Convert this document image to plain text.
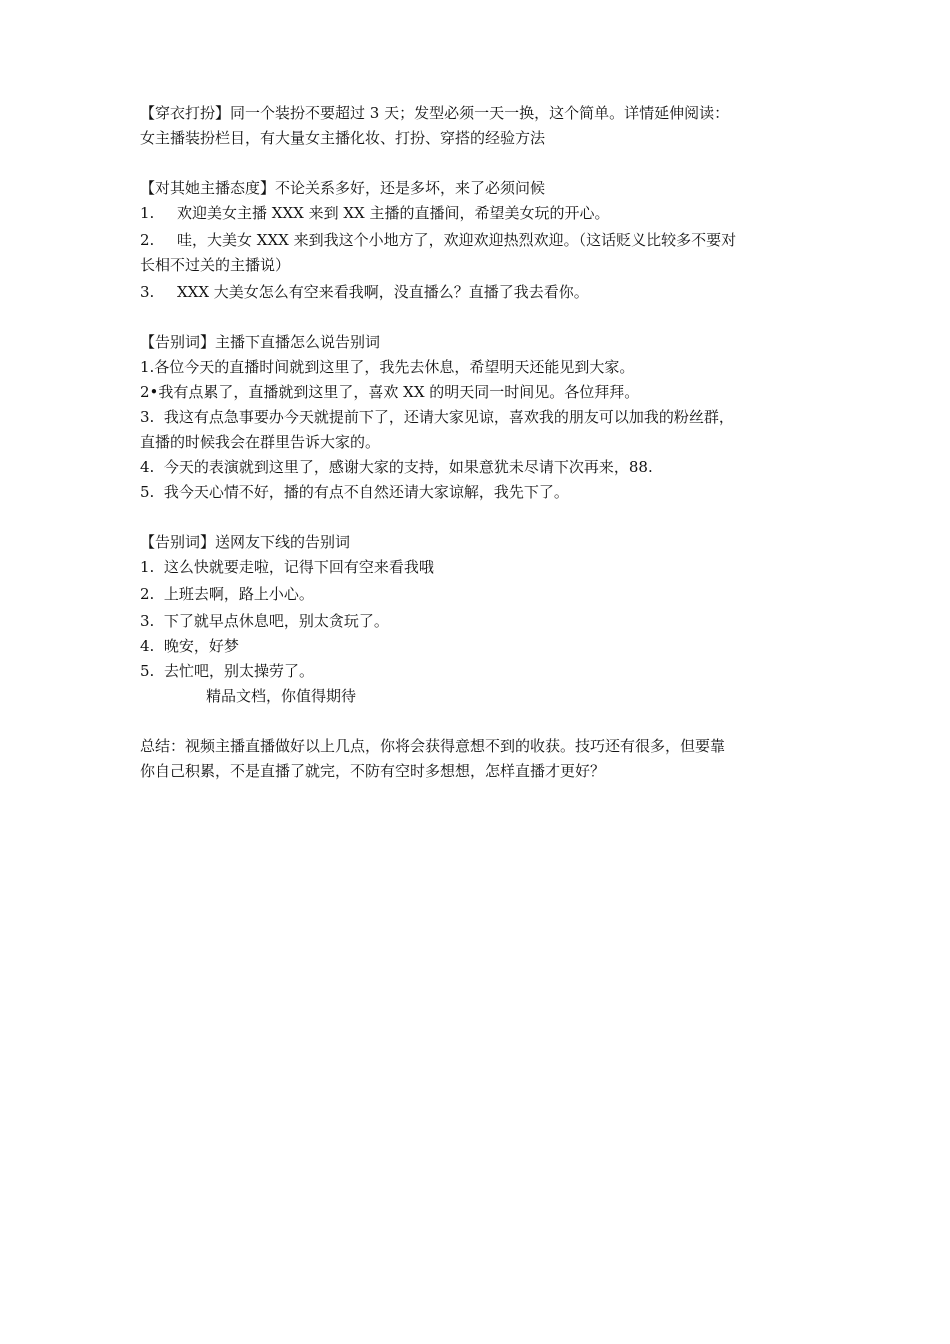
【穿衣打扮】同一个装扮不要超过 3 天；发型必须一天一换，这个简单。详情延伸阅读：

女主播装扮栏目，有大量女主播化妆、打扮、穿搭的经验方法

【对其她主播态度】不论关系多好，还是多坏，来了必须问候

1. 欢迎美女主播 XXX 来到 XX 主播的直播间，希望美女玩的开心。

2. 哇，大美女 XXX 来到我这个小地方了，欢迎欢迎热烈欢迎。（这话贬义比较多不要对

长相不过关的主播说）

3. XXX 大美女怎么有空来看我啊，没直播么？直播了我去看你。

【告别词】主播下直播怎么说告别词

1.各位今天的直播时间就到这里了，我先去休息，希望明天还能见到大家。

2•我有点累了，直播就到这里了，喜欢 XX 的明天同一时间见。各位拜拜。

3.  我这有点急事要办今天就提前下了，还请大家见谅，喜欢我的朋友可以加我的粉丝群，

直播的时候我会在群里告诉大家的。

4.  今天的表演就到这里了，感谢大家的支持，如果意犹未尽请下次再来，88.

5.  我今天心情不好，播的有点不自然还请大家谅解，我先下了。

【告别词】送网友下线的告别词

1.  这么快就要走啦，记得下回有空来看我哦

2.  上班去啊，路上小心。

3.  下了就早点休息吧，别太贪玩了。

4.  晚安，好梦

5. 去忙吧，别太操劳了。

精品文档，你值得期待

总结：视频主播直播做好以上几点，你将会获得意想不到的收获。技巧还有很多，但要靠

你自己积累，不是直播了就完，不防有空时多想想，怎样直播才更好？
